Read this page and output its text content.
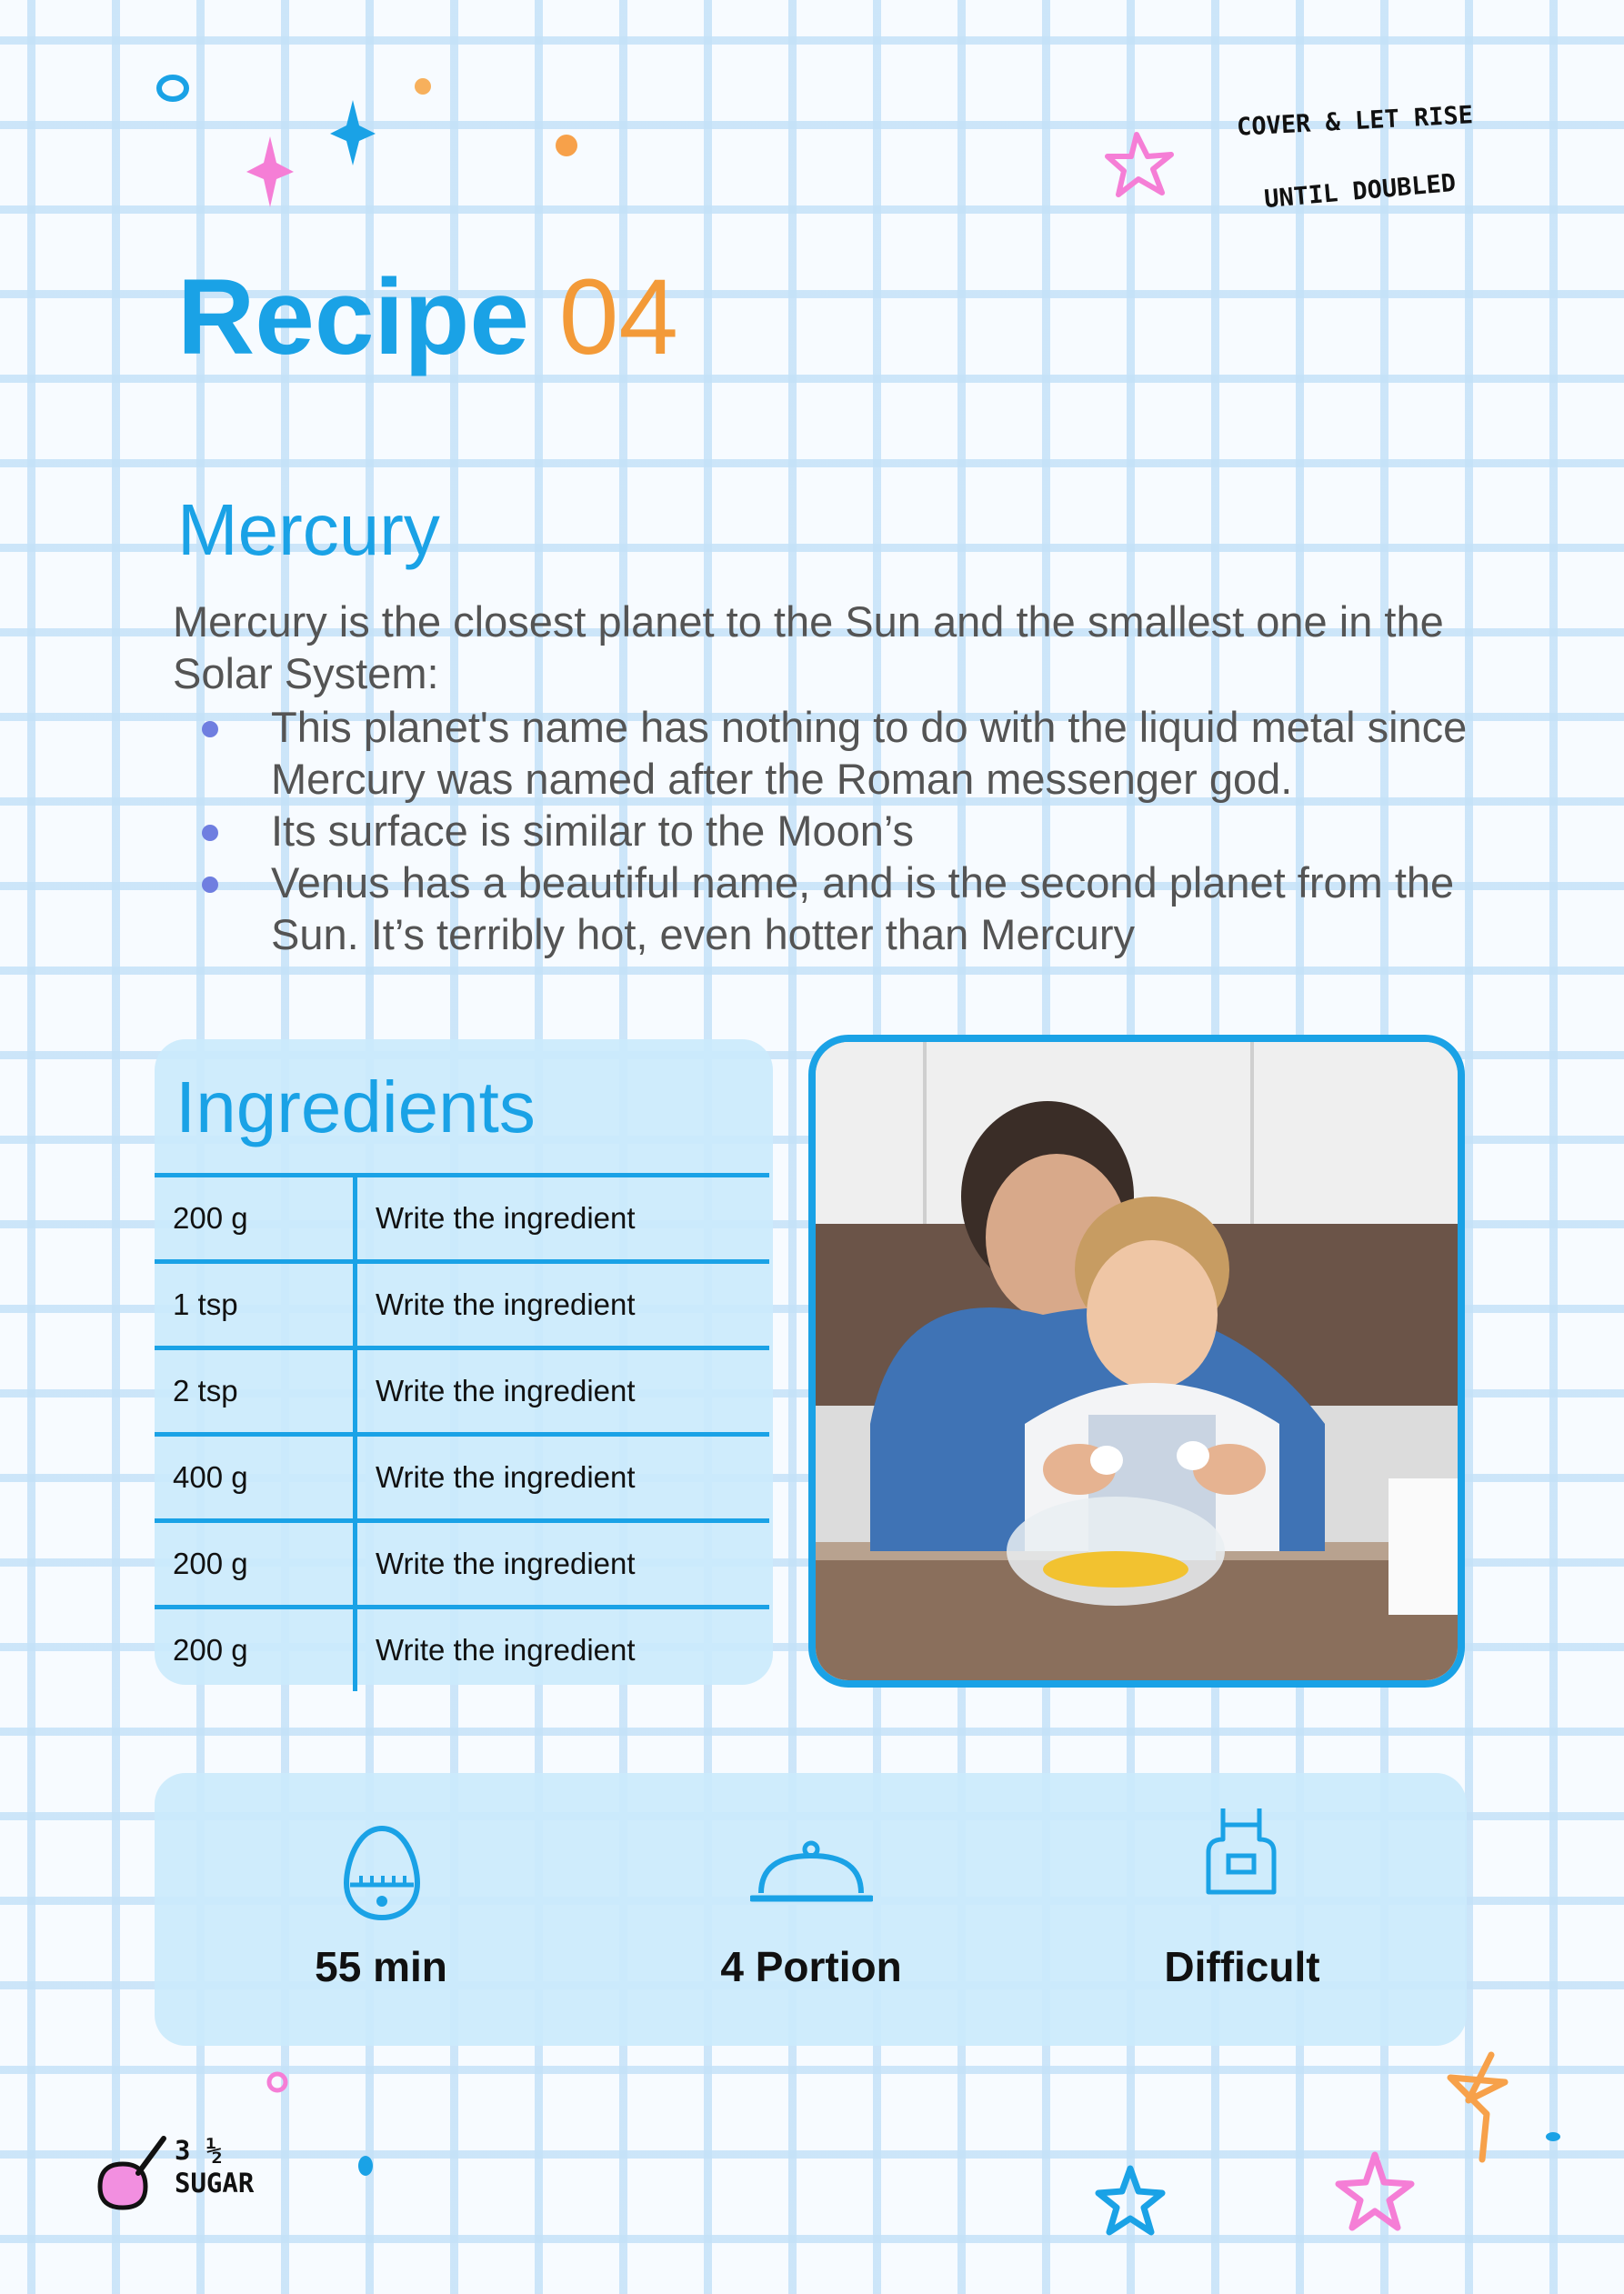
COVER & LET RISE

UNTIL DOUBLED

Recipe 04
Mercury

Mercury is the closest planet to the Sun and the smallest one in the Solar System:

This planet's name has nothing to do with the liquid metal since Mercury was named after the Roman messenger god.
Its surface is similar to the Moon’s
Venus has a beautiful name, and is the second planet from the Sun. It’s terribly hot, even hotter than Mercury
Ingredients
200 g	Write the ingredient
1 tsp	Write the ingredient
2 tsp	Write the ingredient
400 g	Write the ingredient
200 g	Write the ingredient
200 g	Write the ingredient
55 min	4 Portion	Difficult

3 ½

SUGAR
